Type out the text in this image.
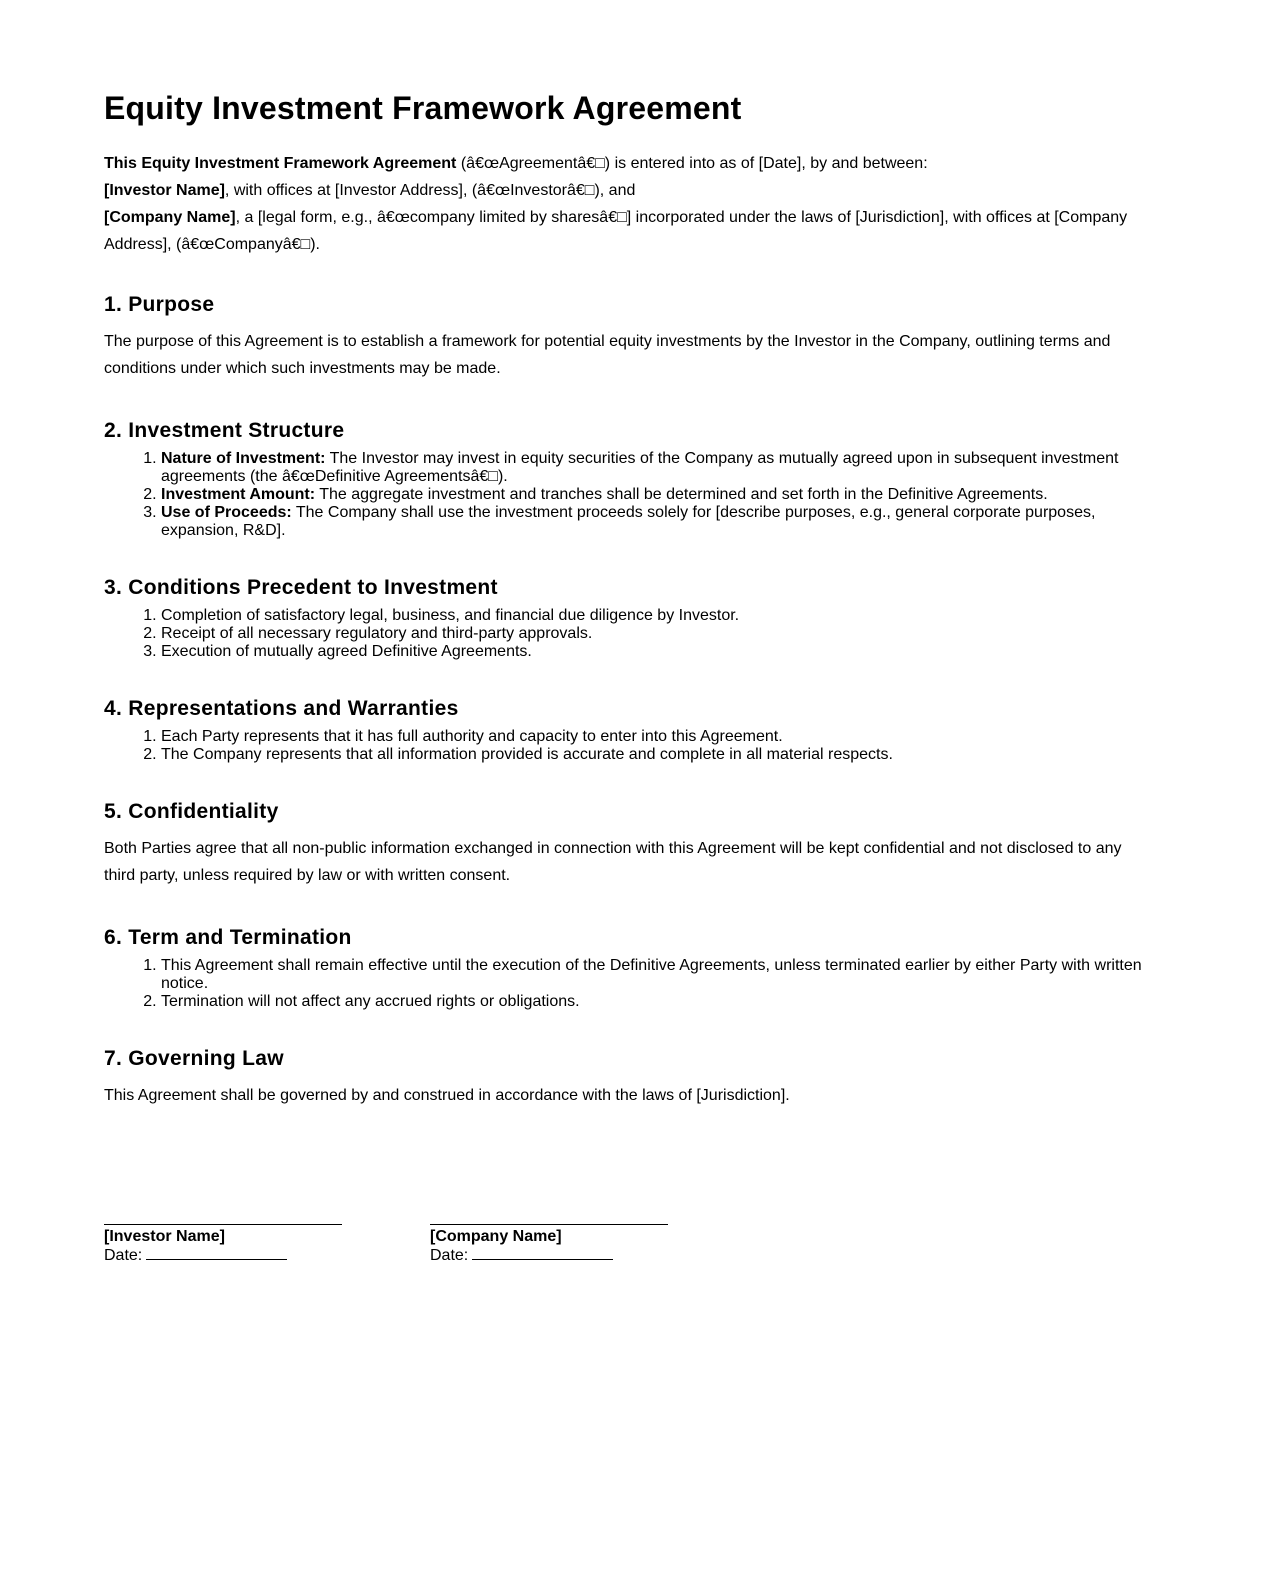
Equity Investment Framework Agreement

This Equity Investment Framework Agreement (â€œAgreementâ€□) is entered into as of [Date], by and between:

[Investor Name], with offices at [Investor Address], (â€œInvestorâ€□), and

[Company Name], a [legal form, e.g., â€œcompany limited by sharesâ€□] incorporated under the laws of [Jurisdiction], with offices at [Company Address], (â€œCompanyâ€□).

1. Purpose

The purpose of this Agreement is to establish a framework for potential equity investments by the Investor in the Company, outlining terms and conditions under which such investments may be made.

2. Investment Structure
1. Nature of Investment: The Investor may invest in equity securities of the Company as mutually agreed upon in subsequent investment agreements (the â€œDefinitive Agreementsâ€□).
2. Investment Amount: The aggregate investment and tranches shall be determined and set forth in the Definitive Agreements.
3. Use of Proceeds: The Company shall use the investment proceeds solely for [describe purposes, e.g., general corporate purposes, expansion, R&D].
3. Conditions Precedent to Investment
1. Completion of satisfactory legal, business, and financial due diligence by Investor.
2. Receipt of all necessary regulatory and third-party approvals.
3. Execution of mutually agreed Definitive Agreements.
4. Representations and Warranties
1. Each Party represents that it has full authority and capacity to enter into this Agreement.
2. The Company represents that all information provided is accurate and complete in all material respects.
5. Confidentiality

Both Parties agree that all non-public information exchanged in connection with this Agreement will be kept confidential and not disclosed to any third party, unless required by law or with written consent.

6. Term and Termination
1. This Agreement shall remain effective until the execution of the Definitive Agreements, unless terminated earlier by either Party with written notice.
2. Termination will not affect any accrued rights or obligations.
7. Governing Law

This Agreement shall be governed by and construed in accordance with the laws of [Jurisdiction].

[Investor Name]
Date:
[Company Name]
Date:
